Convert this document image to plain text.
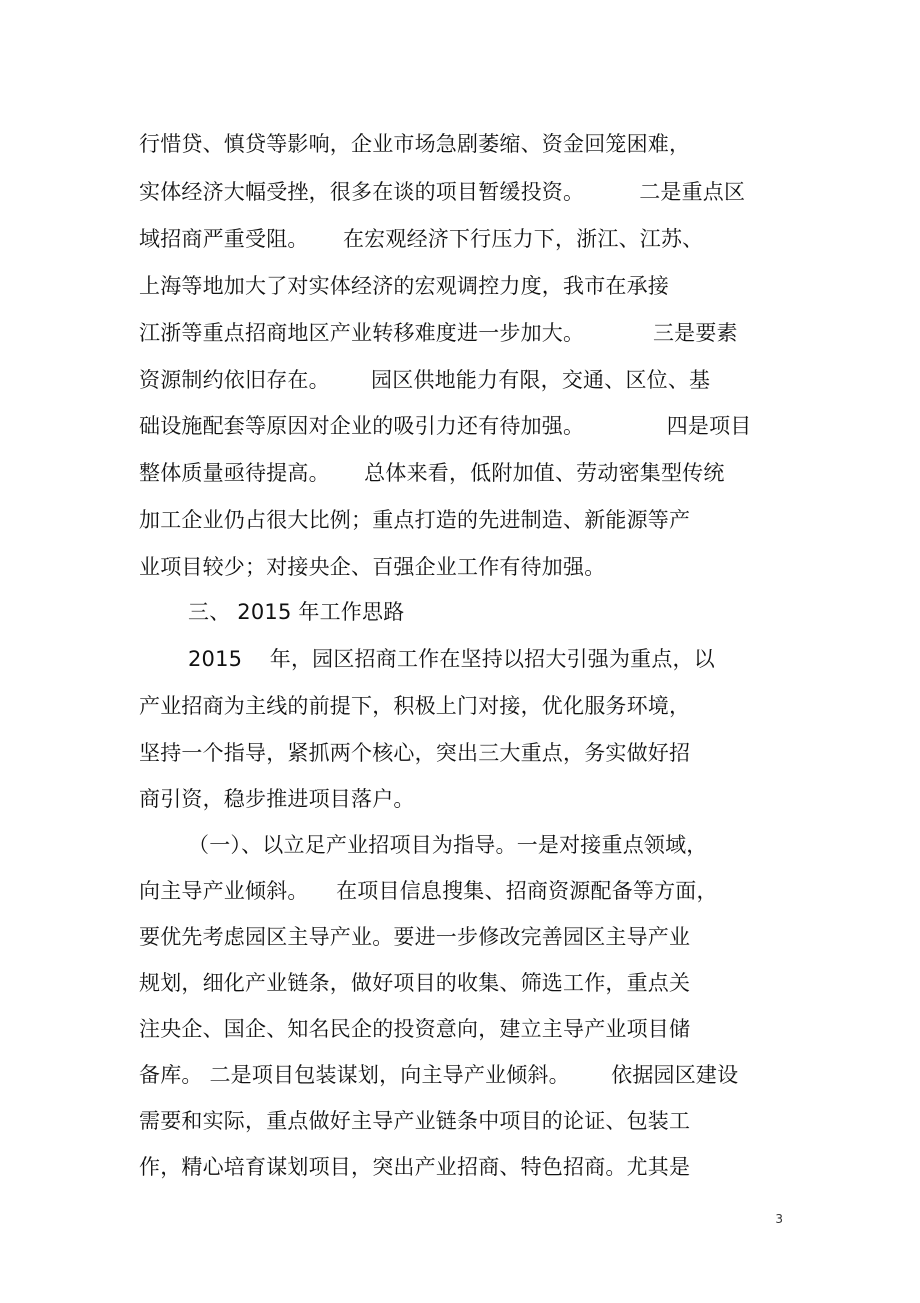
行惜贷、慎贷等影响，企业市场急剧萎缩、资金回笼困难，
实体经济大幅受挫，很多在谈的项目暂缓投资。        二是重点区
域招商严重受阻。     在宏观经济下行压力下，浙江、江苏、
上海等地加大了对实体经济的宏观调控力度，我市在承接
江浙等重点招商地区产业转移难度进一步加大。          三是要素
资源制约依旧存在。      园区供地能力有限，交通、区位、基
础设施配套等原因对企业的吸引力还有待加强。            四是项目
整体质量亟待提高。     总体来看，低附加值、劳动密集型传统
加工企业仍占很大比例；重点打造的先进制造、新能源等产
业项目较少；对接央企、百强企业工作有待加强。
三、 2015 年工作思路
2015    年，园区招商工作在坚持以招大引强为重点，以
产业招商为主线的前提下，积极上门对接，优化服务环境，
坚持一个指导，紧抓两个核心，突出三大重点，务实做好招
商引资，稳步推进项目落户。
（一）、以立足产业招项目为指导。一是对接重点领域，
向主导产业倾斜。    在项目信息搜集、招商资源配备等方面，
要优先考虑园区主导产业。要进一步修改完善园区主导产业
规划，细化产业链条，做好项目的收集、筛选工作，重点关
注央企、国企、知名民企的投资意向，建立主导产业项目储
备库。 二是项目包装谋划，向主导产业倾斜。      依据园区建设
需要和实际，重点做好主导产业链条中项目的论证、包装工
作，精心培育谋划项目，突出产业招商、特色招商。尤其是
3
